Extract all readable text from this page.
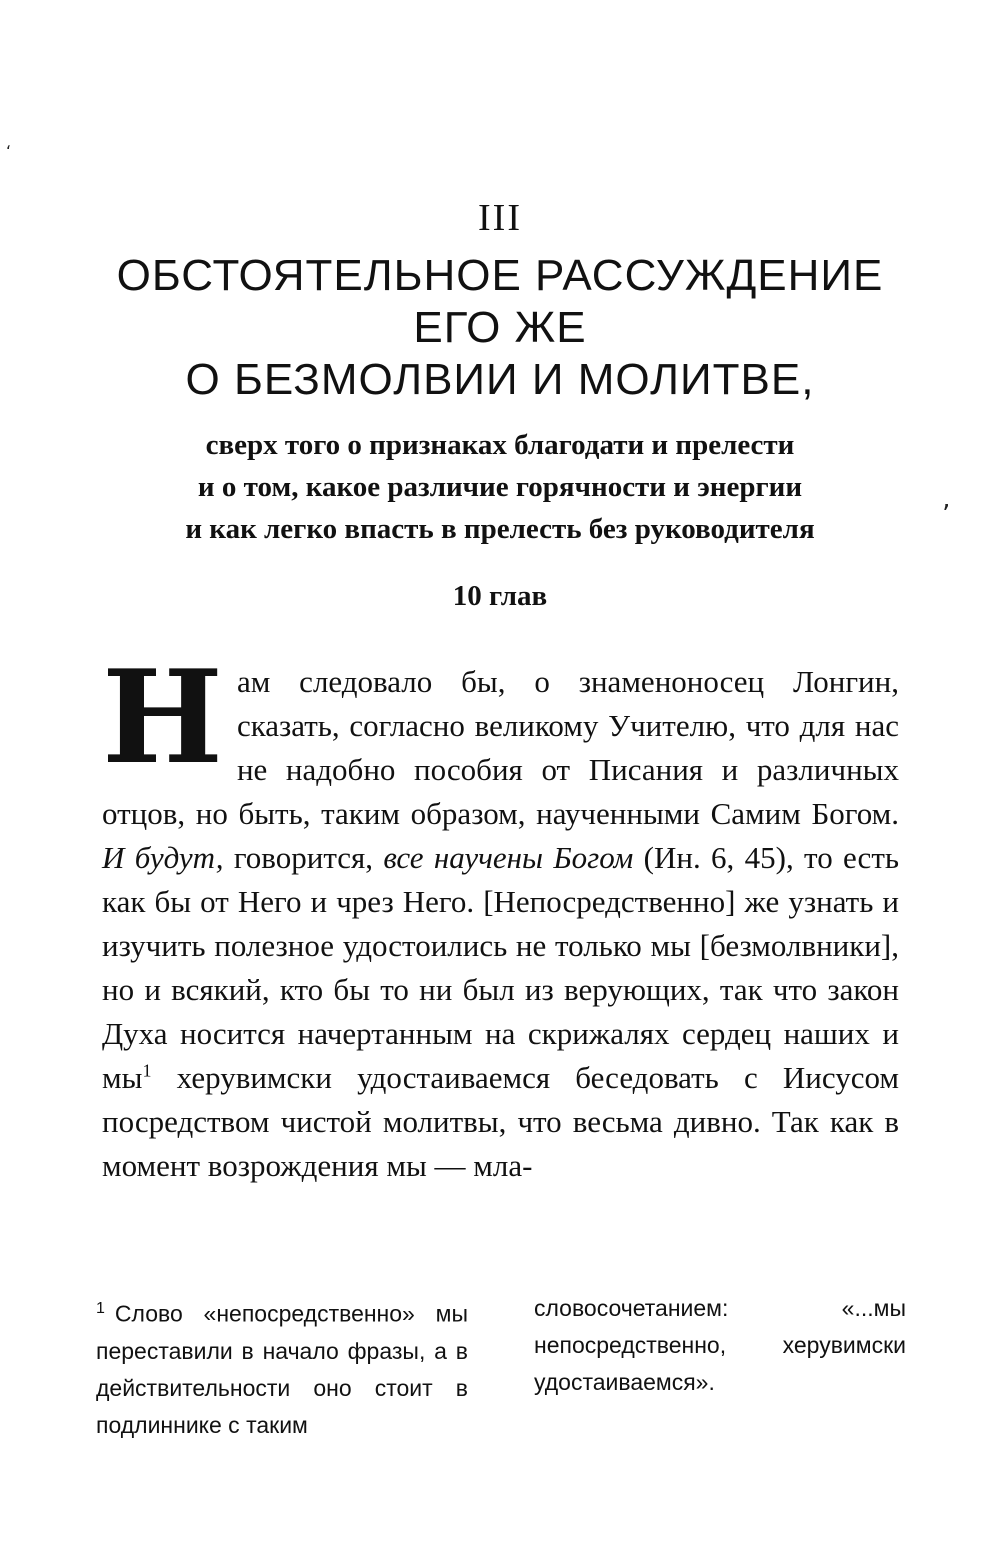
ʻ
ʼ
III
ОБСТОЯТЕЛЬНОЕ РАССУЖДЕНИЕ
ЕГО ЖЕ
О БЕЗМОЛВИИ И МОЛИТВЕ,
сверх того о признаках благодати и прелести
и о том, какое различие горячности и энергии
и как легко впасть в прелесть без руководителя
10 глав
Н ам следовало бы, о знаменоносец Лонгин, сказать, согласно великому Учителю, что для нас не надобно пособия от Писания и различных отцов, но быть, таким образом, наученными Самим Богом. И будут, говорится, все научены Богом (Ин. 6, 45), то есть как бы от Него и чрез Него. [Непосредственно] же узнать и изучить полезное удостоились не только мы [безмолвники], но и всякий, кто бы то ни был из верующих, так что закон Духа носится начертанным на скрижалях сердец наших и $мы^1$ херувимски удостаиваемся беседовать с Иисусом посредством чистой молитвы, что весьма дивно. Так как в момент возрождения мы — мла-
$^1$ Слово «непосредственно» мы переставили в начало фразы, а в действительности оно стоит в подлиннике с таким
словосочетанием: «...мы непосредственно, херувимски удостаиваемся».
